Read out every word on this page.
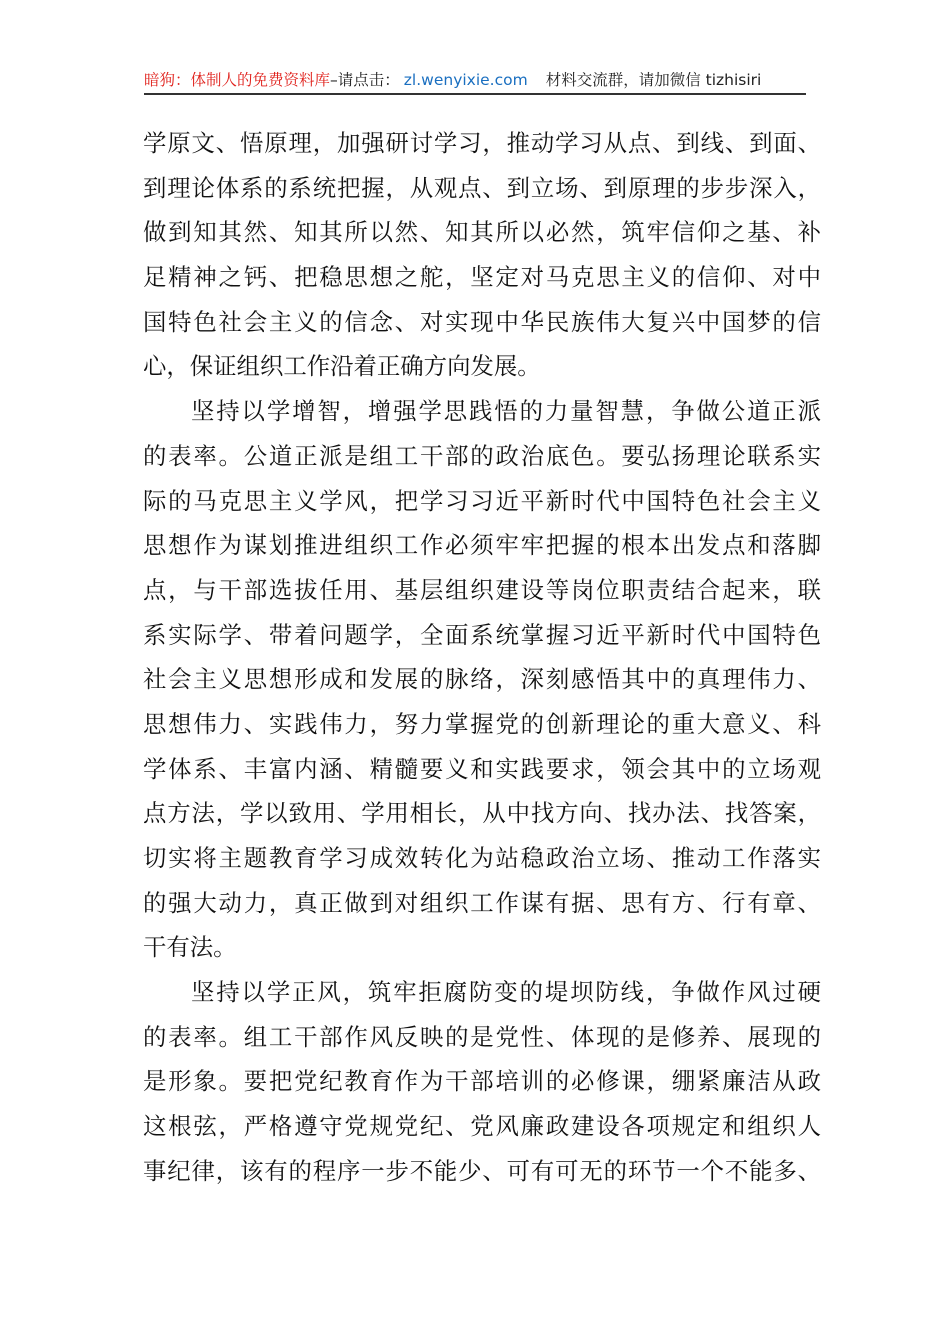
暗狗：体制人的免费资料库–请点击： zl.wenyixie.com 材料交流群，请加微信 tizhisiri
学原文、悟原理，加强研讨学习，推动学习从点、到线、到面、
到理论体系的系统把握，从观点、到立场、到原理的步步深入，
做到知其然、知其所以然、知其所以必然，筑牢信仰之基、补
足精神之钙、把稳思想之舵，坚定对马克思主义的信仰、对中
国特色社会主义的信念、对实现中华民族伟大复兴中国梦的信
心，保证组织工作沿着正确方向发展。
坚持以学增智，增强学思践悟的力量智慧，争做公道正派
的表率。公道正派是组工干部的政治底色。要弘扬理论联系实
际的马克思主义学风，把学习习近平新时代中国特色社会主义
思想作为谋划推进组织工作必须牢牢把握的根本出发点和落脚
点，与干部选拔任用、基层组织建设等岗位职责结合起来，联
系实际学、带着问题学，全面系统掌握习近平新时代中国特色
社会主义思想形成和发展的脉络，深刻感悟其中的真理伟力、
思想伟力、实践伟力，努力掌握党的创新理论的重大意义、科
学体系、丰富内涵、精髓要义和实践要求，领会其中的立场观
点方法，学以致用、学用相长，从中找方向、找办法、找答案，
切实将主题教育学习成效转化为站稳政治立场、推动工作落实
的强大动力，真正做到对组织工作谋有据、思有方、行有章、
干有法。
坚持以学正风，筑牢拒腐防变的堤坝防线，争做作风过硬
的表率。组工干部作风反映的是党性、体现的是修养、展现的
是形象。要把党纪教育作为干部培训的必修课，绷紧廉洁从政
这根弦，严格遵守党规党纪、党风廉政建设各项规定和组织人
事纪律，该有的程序一步不能少、可有可无的环节一个不能多、
